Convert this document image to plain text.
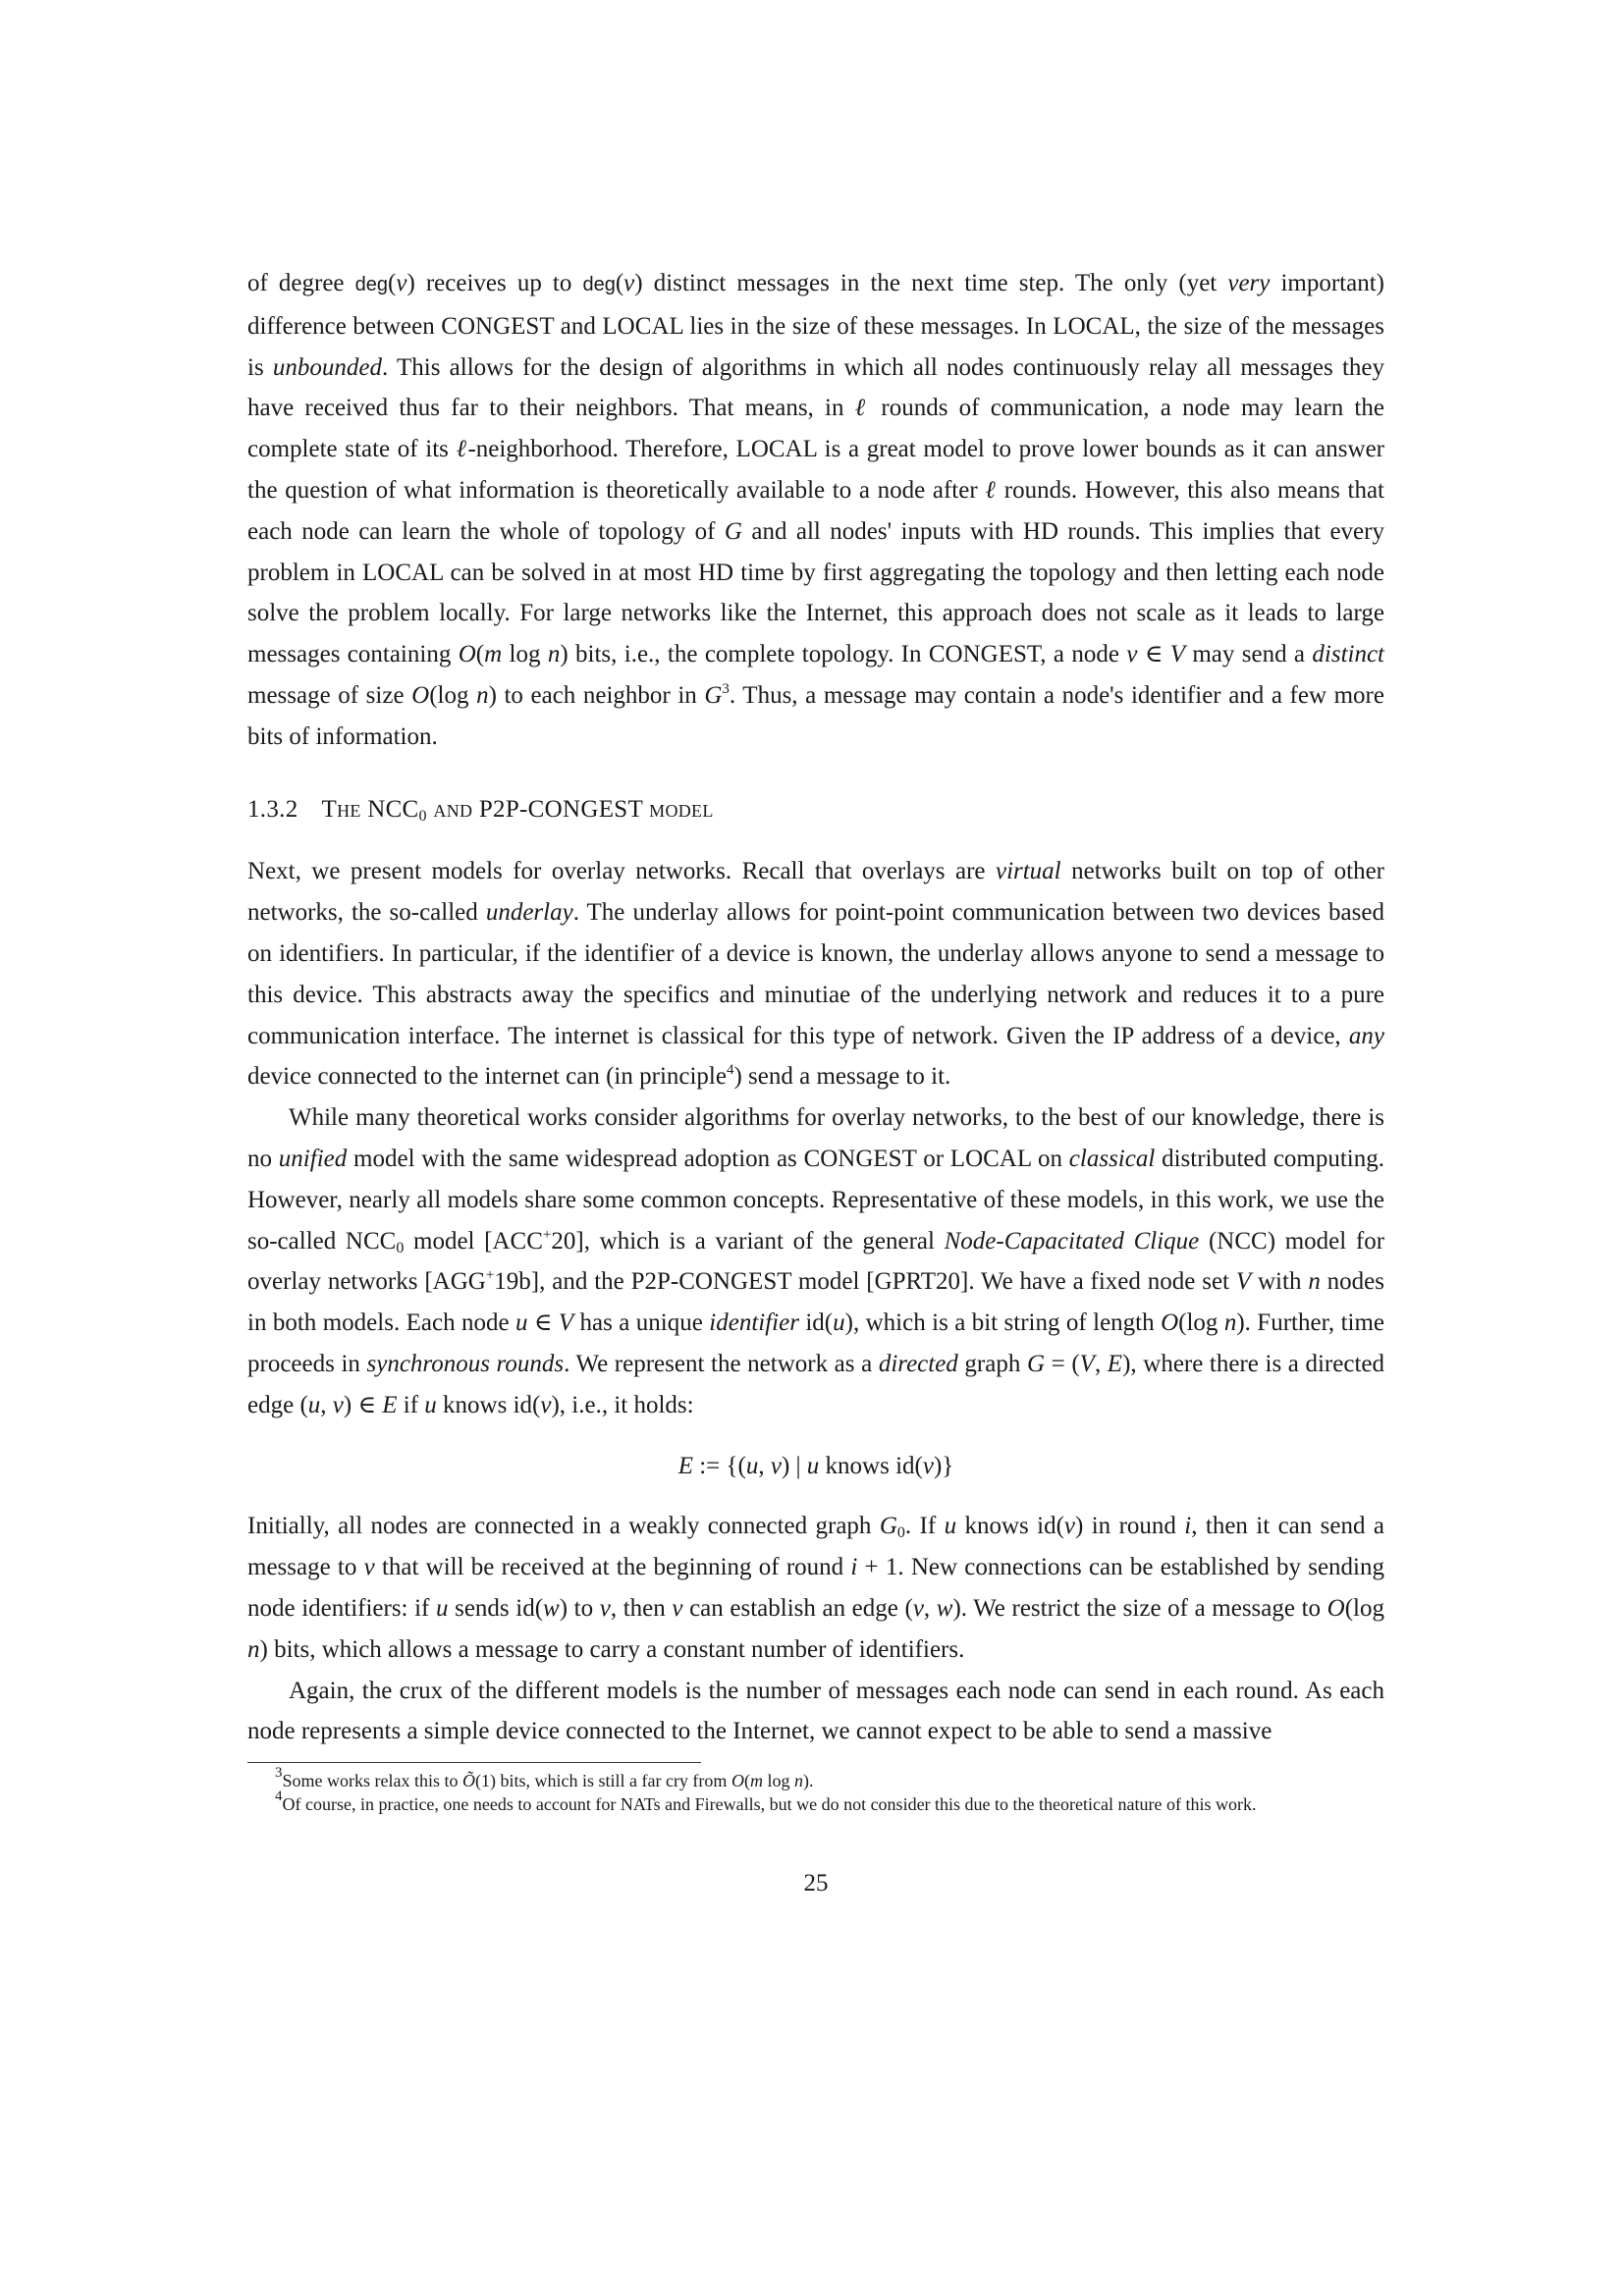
of degree deg(v) receives up to deg(v) distinct messages in the next time step. The only (yet very important) difference between CONGEST and LOCAL lies in the size of these messages. In LOCAL, the size of the messages is unbounded. This allows for the design of algorithms in which all nodes continuously relay all messages they have received thus far to their neighbors. That means, in ℓ rounds of communication, a node may learn the complete state of its ℓ-neighborhood. Therefore, LOCAL is a great model to prove lower bounds as it can answer the question of what information is theoretically available to a node after ℓ rounds. However, this also means that each node can learn the whole of topology of G and all nodes' inputs with HD rounds. This implies that every problem in LOCAL can be solved in at most HD time by first aggregating the topology and then letting each node solve the problem locally. For large networks like the Internet, this approach does not scale as it leads to large messages containing O(m log n) bits, i.e., the complete topology. In CONGEST, a node v ∈ V may send a distinct message of size O(log n) to each neighbor in $G^3$. Thus, a message may contain a node's identifier and a few more bits of information.

1.3.2 The $NCC_0$ and P2P-CONGEST model

Next, we present models for overlay networks. Recall that overlays are virtual networks built on top of other networks, the so-called underlay. The underlay allows for point-point communication between two devices based on identifiers. In particular, if the identifier of a device is known, the underlay allows anyone to send a message to this device. This abstracts away the specifics and minutiae of the underlying network and reduces it to a pure communication interface. The internet is classical for this type of network. Given the IP address of a device, any device connected to the internet can (in principle$^4$) send a message to it.

While many theoretical works consider algorithms for overlay networks, to the best of our knowledge, there is no unified model with the same widespread adoption as CONGEST or LOCAL on classical distributed computing. However, nearly all models share some common concepts. Representative of these models, in this work, we use the so-called $NCC_0$ model [ACC+20], which is a variant of the general Node-Capacitated Clique (NCC) model for overlay networks [AGG+19b], and the P2P-CONGEST model [GPRT20]. We have a fixed node set V with n nodes in both models. Each node u ∈ V has a unique identifier id(u), which is a bit string of length O(log n). Further, time proceeds in synchronous rounds. We represent the network as a directed graph G = (V, E), where there is a directed edge (u, v) ∈ E if u knows id(v), i.e., it holds:

E := {(u, v) | u knows id(v)}

Initially, all nodes are connected in a weakly connected graph $G_0$. If u knows id(v) in round i, then it can send a message to v that will be received at the beginning of round i + 1. New connections can be established by sending node identifiers: if u sends id(w) to v, then v can establish an edge (v, w). We restrict the size of a message to O(log n) bits, which allows a message to carry a constant number of identifiers.

Again, the crux of the different models is the number of messages each node can send in each round. As each node represents a simple device connected to the Internet, we cannot expect to be able to send a massive

$^3$Some works relax this to Õ(1) bits, which is still a far cry from O(m log n).

$^4$Of course, in practice, one needs to account for NATs and Firewalls, but we do not consider this due to the theoretical nature of this work.

25
